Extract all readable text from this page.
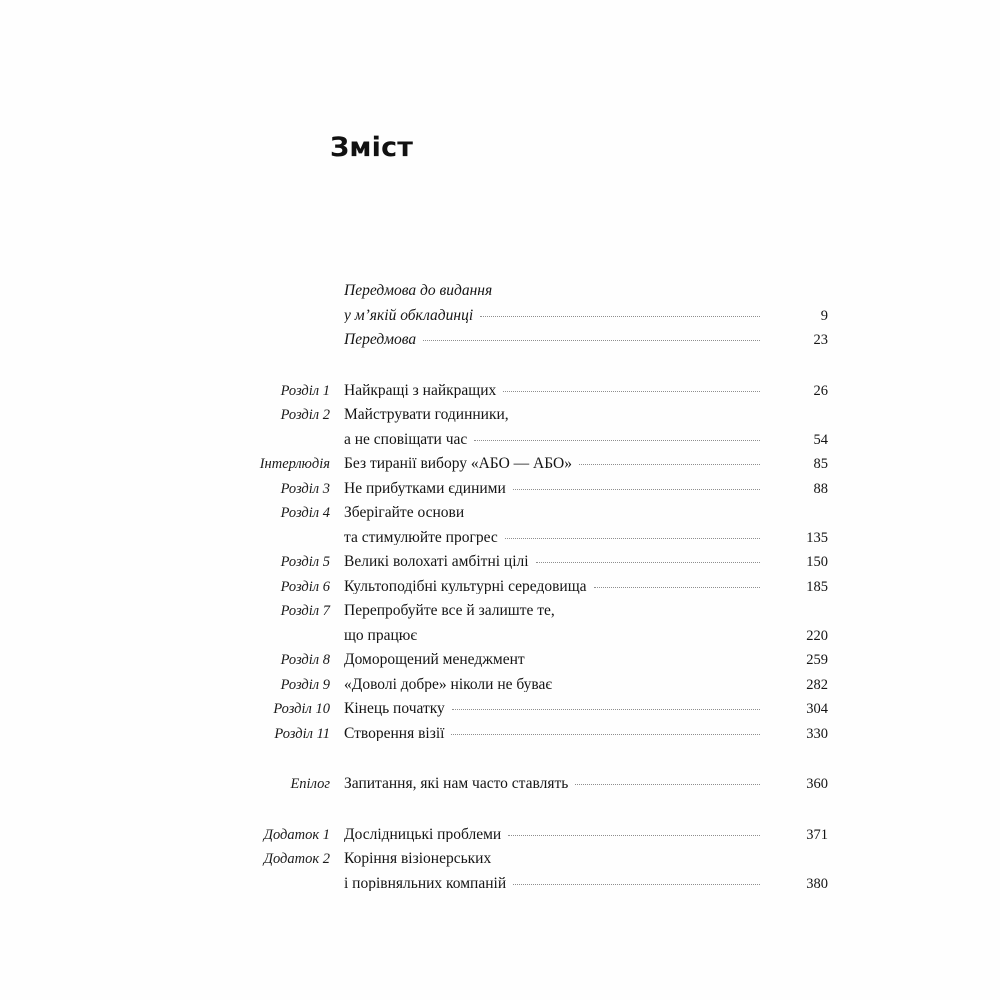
Зміст
Передмова до видання
у м’якій обкладинці	9
Передмова	23
Розділ 1 Найкращі з найкращих	26
Розділ 2 Майструвати годинники,
а не сповіщати час	54
Інтерлюдія Без тиранії вибору «АБО — АБО»	85
Розділ 3 Не прибутками єдиними	88
Розділ 4 Зберігайте основи
та стимулюйте прогрес	135
Розділ 5 Великі волохаті амбітні цілі	150
Розділ 6 Культоподібні культурні середовища	185
Розділ 7 Перепробуйте все й залиште те,
що працює	220
Розділ 8 Доморощений менеджмент	259
Розділ 9 «Доволі добре» ніколи не буває	282
Розділ 10 Кінець початку	304
Розділ 11 Створення візії	330
Епілог Запитання, які нам часто ставлять	360
Додаток 1 Дослідницькі проблеми	371
Додаток 2 Коріння візіонерських
і порівняльних компаній	380
